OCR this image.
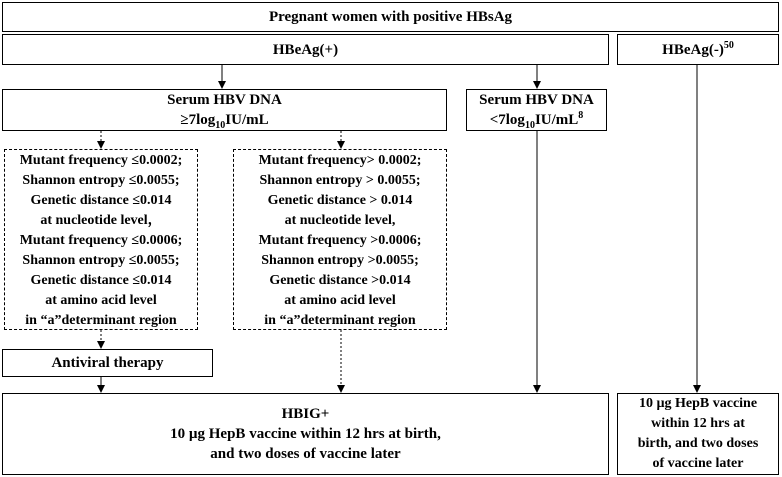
Pregnant women with positive HBsAg
HBeAg(+)	$HBeAg(-)^{50}$
Serum HBV DNA
$\ge 7\log_{10}IU/mL$
Serum HBV DNA
$<7\log_{10}IU/mL^8$
Mutant frequency ≤0.0002;
Shannon entropy ≤0.0055;
Genetic distance ≤0.014
at nucleotide level，
Mutant frequency ≤0.0006;
Shannon entropy ≤0.0055;
Genetic distance ≤0.014
at amino acid level
in “a”determinant region
Mutant frequency> 0.0002;
Shannon entropy > 0.0055;
Genetic distance > 0.014
at nucleotide level,
Mutant frequency >0.0006;
Shannon entropy >0.0055;
Genetic distance >0.014
at amino acid level
in “a”determinant region
Antiviral therapy
HBIG+
10 µg HepB vaccine within 12 hrs at birth,
and two doses of vaccine later
10 µg HepB vaccine
within 12 hrs at
birth, and two doses
of vaccine later
